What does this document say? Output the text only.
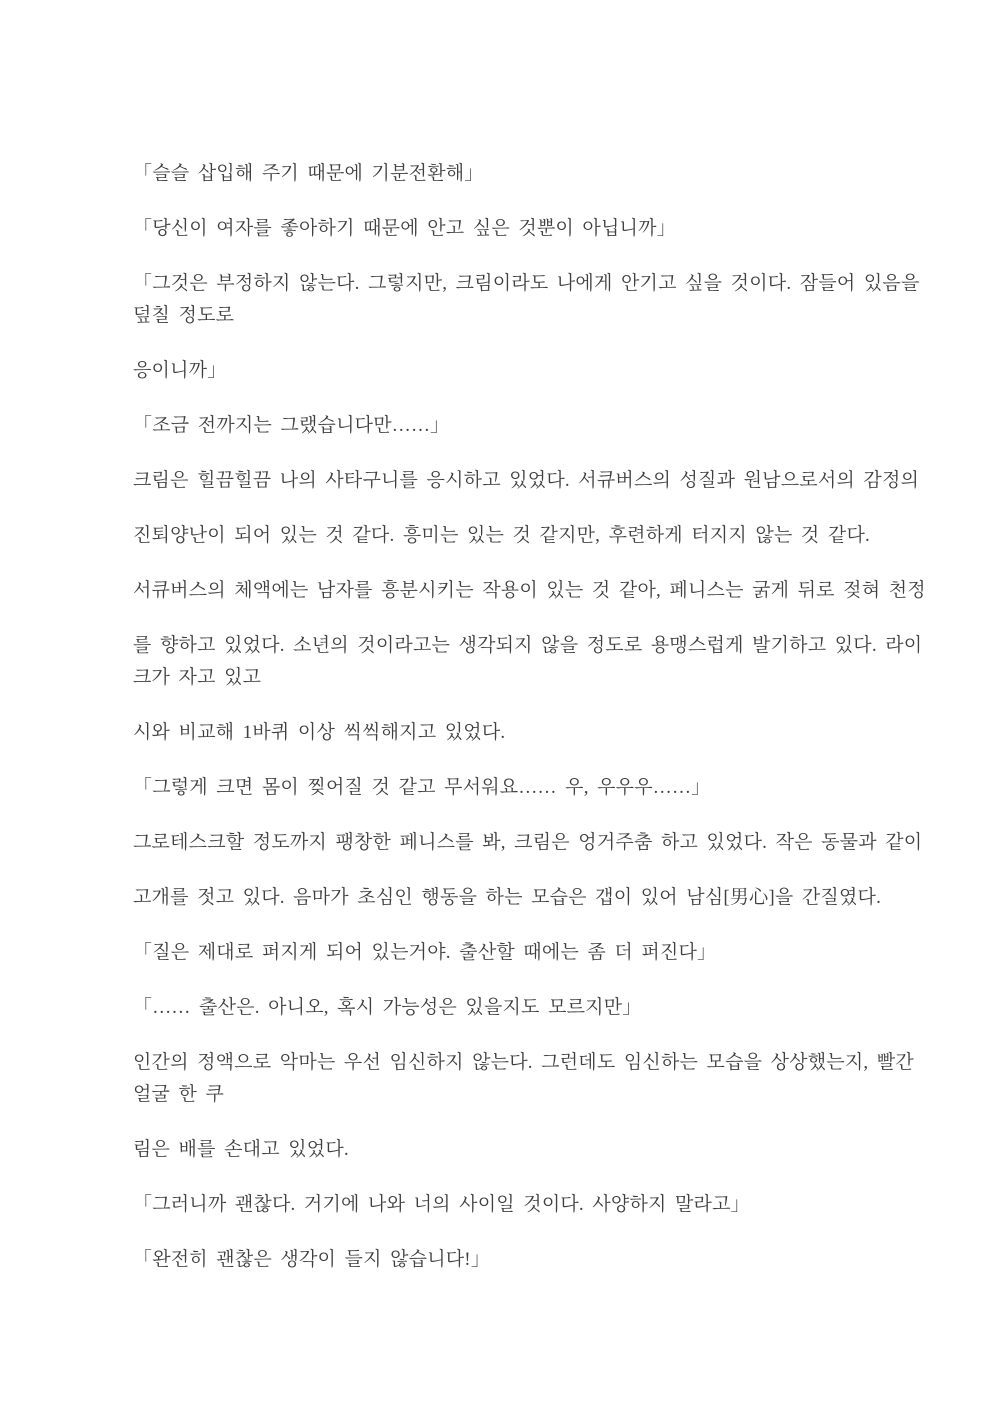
「슬슬 삽입해 주기 때문에 기분전환해」

「당신이 여자를 좋아하기 때문에 안고 싶은 것뿐이 아닙니까」

「그것은 부정하지 않는다. 그렇지만, 크림이라도 나에게 안기고 싶을 것이다. 잠들어 있음을
덮칠 정도로

응이니까」

「조금 전까지는 그랬습니다만……」

크림은 힐끔힐끔 나의 사타구니를 응시하고 있었다. 서큐버스의 성질과 원남으로서의 감정의

진퇴양난이 되어 있는 것 같다. 흥미는 있는 것 같지만, 후련하게 터지지 않는 것 같다.

서큐버스의 체액에는 남자를 흥분시키는 작용이 있는 것 같아, 페니스는 굵게 뒤로 젖혀 천정

를 향하고 있었다. 소년의 것이라고는 생각되지 않을 정도로 용맹스럽게 발기하고 있다. 라이
크가 자고 있고

시와 비교해 1바퀴 이상 씩씩해지고 있었다.

「그렇게 크면 몸이 찢어질 것 같고 무서워요…… 우, 우우우……」

그로테스크할 정도까지 팽창한 페니스를 봐, 크림은 엉거주춤 하고 있었다. 작은 동물과 같이

고개를 젓고 있다. 음마가 초심인 행동을 하는 모습은 갭이 있어 남심[男心]을 간질였다.

「질은 제대로 퍼지게 되어 있는거야. 출산할 때에는 좀 더 퍼진다」

「…… 출산은. 아니오, 혹시 가능성은 있을지도 모르지만」

인간의 정액으로 악마는 우선 임신하지 않는다. 그런데도 임신하는 모습을 상상했는지, 빨간
얼굴 한 쿠

림은 배를 손대고 있었다.

「그러니까 괜찮다. 거기에 나와 너의 사이일 것이다. 사양하지 말라고」

「완전히 괜찮은 생각이 들지 않습니다!」
